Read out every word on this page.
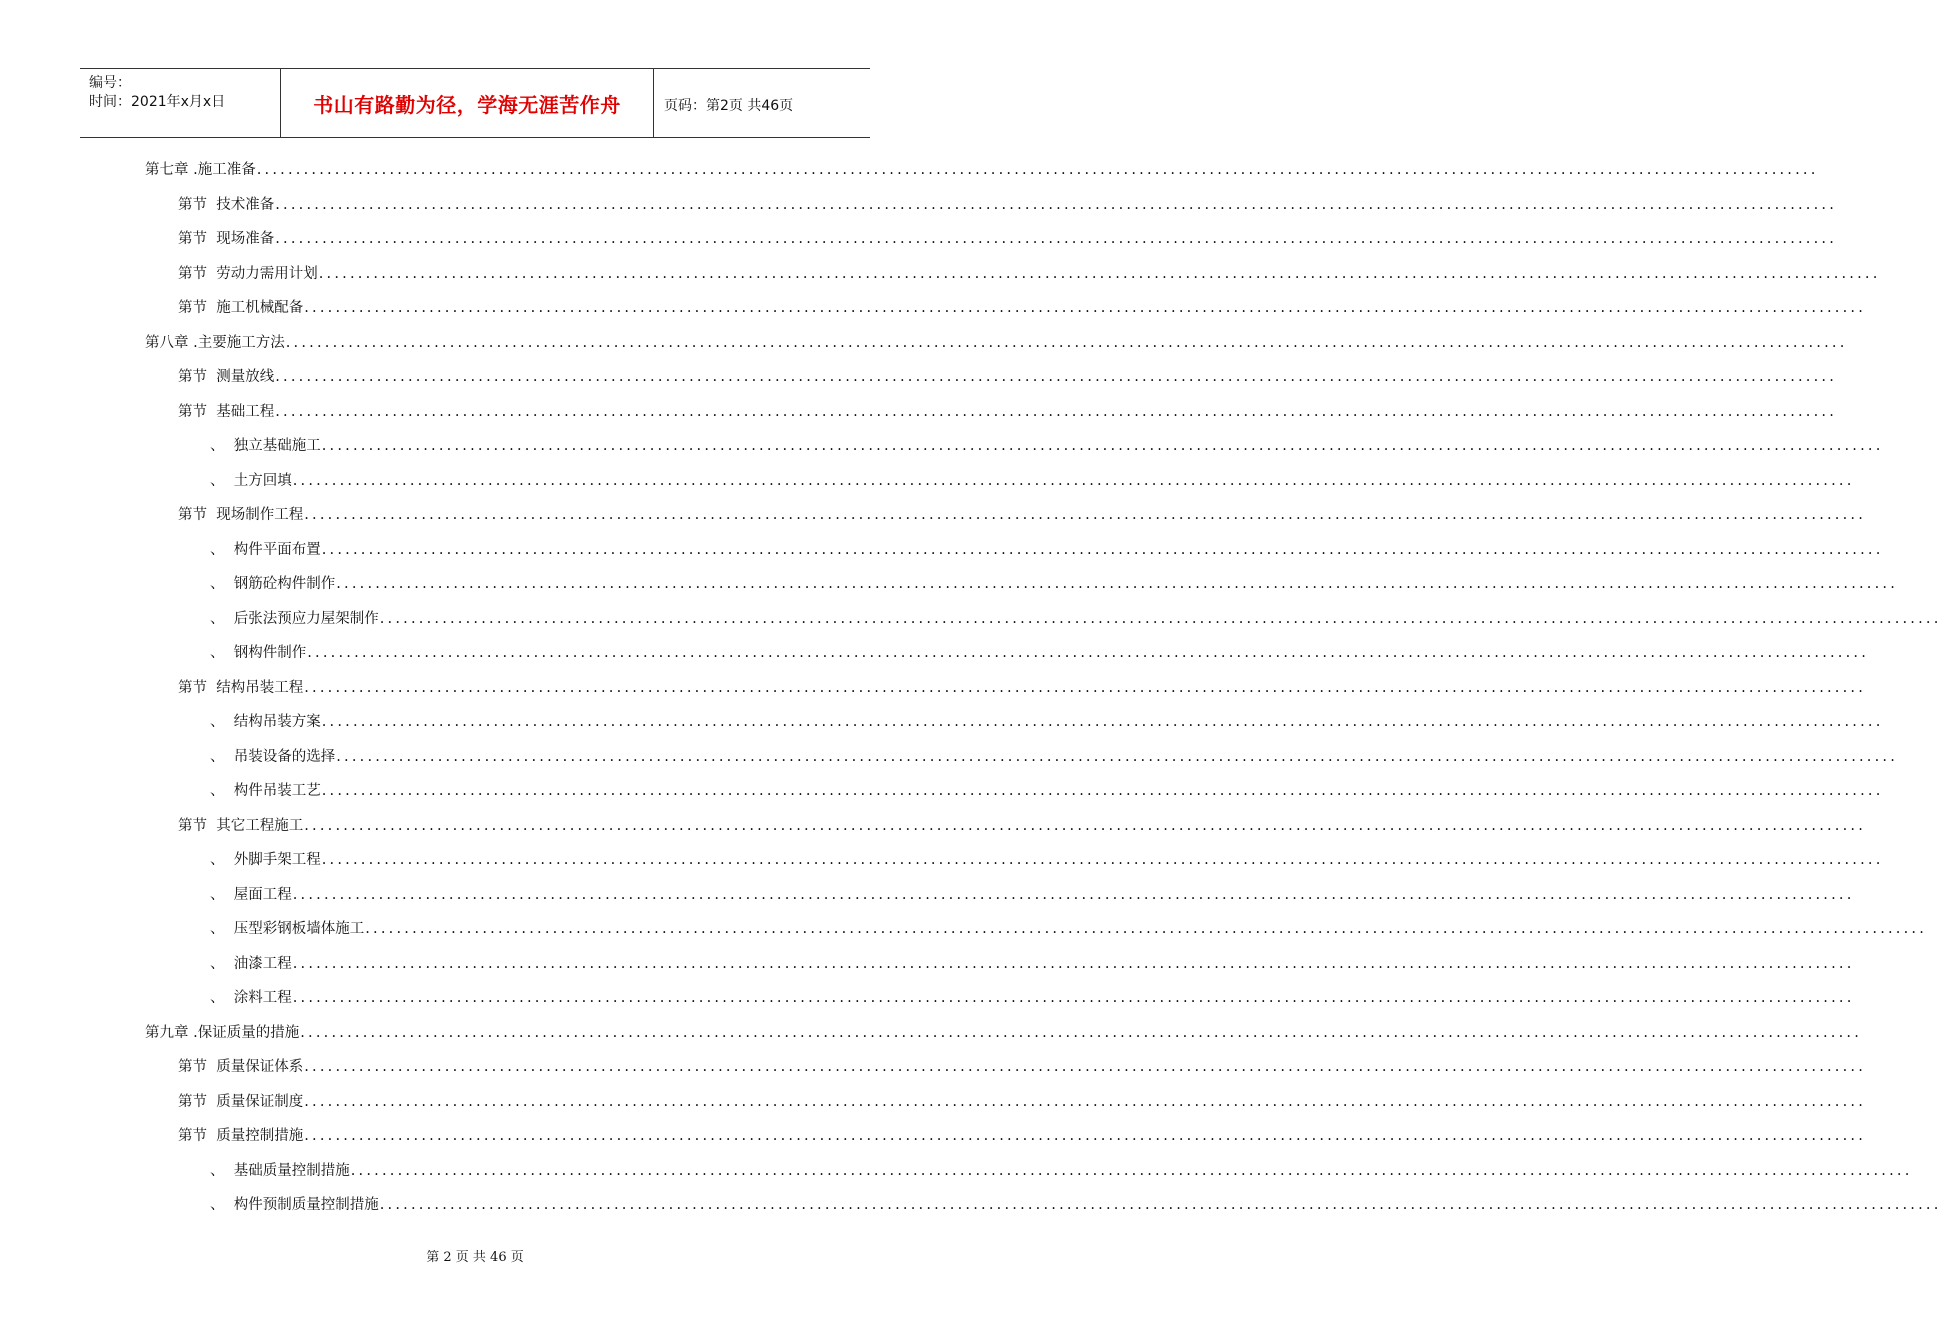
编号：
时间：2021年x月x日	书山有路勤为径，学海无涯苦作舟	页码：第2页 共46页
第七章 . 施工准备 ........................................................................................................................................................................................................
第节 技术准备 ........................................................................................................................................................................................................
第节 现场准备 ........................................................................................................................................................................................................
第节 劳动力需用计划 ........................................................................................................................................................................................................
第节 施工机械配备 ........................................................................................................................................................................................................
第八章 . 主要施工方法 ........................................................................................................................................................................................................
第节 测量放线 ........................................................................................................................................................................................................
第节 基础工程 ........................................................................................................................................................................................................
、 独立基础施工 ........................................................................................................................................................................................................
、 土方回填 ........................................................................................................................................................................................................
第节 现场制作工程 ........................................................................................................................................................................................................
、 构件平面布置 ........................................................................................................................................................................................................
、 钢筋砼构件制作 ........................................................................................................................................................................................................
、 后张法预应力屋架制作 ........................................................................................................................................................................................................
、 钢构件制作 ........................................................................................................................................................................................................
第节 结构吊装工程 ........................................................................................................................................................................................................
、 结构吊装方案 ........................................................................................................................................................................................................
、 吊装设备的选择 ........................................................................................................................................................................................................
、 构件吊装工艺 ........................................................................................................................................................................................................
第节 其它工程施工 ........................................................................................................................................................................................................
、 外脚手架工程 ........................................................................................................................................................................................................
、 屋面工程 ........................................................................................................................................................................................................
、 压型彩钢板墙体施工 ........................................................................................................................................................................................................
、 油漆工程 ........................................................................................................................................................................................................
、 涂料工程 ........................................................................................................................................................................................................
第九章 . 保证质量的措施 ........................................................................................................................................................................................................
第节 质量保证体系 ........................................................................................................................................................................................................
第节 质量保证制度 ........................................................................................................................................................................................................
第节 质量控制措施 ........................................................................................................................................................................................................
、 基础质量控制措施 ........................................................................................................................................................................................................
、 构件预制质量控制措施 ........................................................................................................................................................................................................
第 2 页 共 46 页
